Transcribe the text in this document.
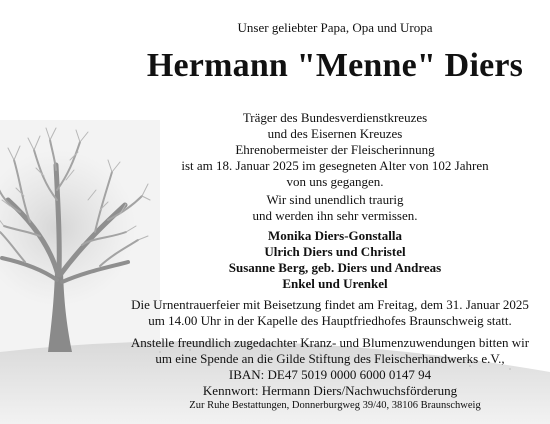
Unser geliebter Papa, Opa und Uropa
Hermann "Menne" Diers
Träger des Bundesverdienstkreuzes
und des Eisernen Kreuzes
Ehrenobermeister der Fleischerinnung
ist am 18. Januar 2025 im gesegneten Alter von 102 Jahren
von uns gegangen.
Wir sind unendlich traurig
und werden ihn sehr vermissen.
Monika Diers-Gonstalla
Ulrich Diers und Christel
Susanne Berg, geb. Diers und Andreas
Enkel und Urenkel
Die Urnentrauerfeier mit Beisetzung findet am Freitag, dem 31. Januar 2025
um 14.00 Uhr in der Kapelle des Hauptfriedhofes Braunschweig statt.
Anstelle freundlich zugedachter Kranz- und Blumenzuwendungen bitten wir
um eine Spende an die Gilde Stiftung des Fleischerhandwerks e.V.,
IBAN: DE47 5019 0000 6000 0147 94
Kennwort: Hermann Diers/Nachwuchsförderung
Zur Ruhe Bestattungen, Donnerburgweg 39/40, 38106 Braunschweig
